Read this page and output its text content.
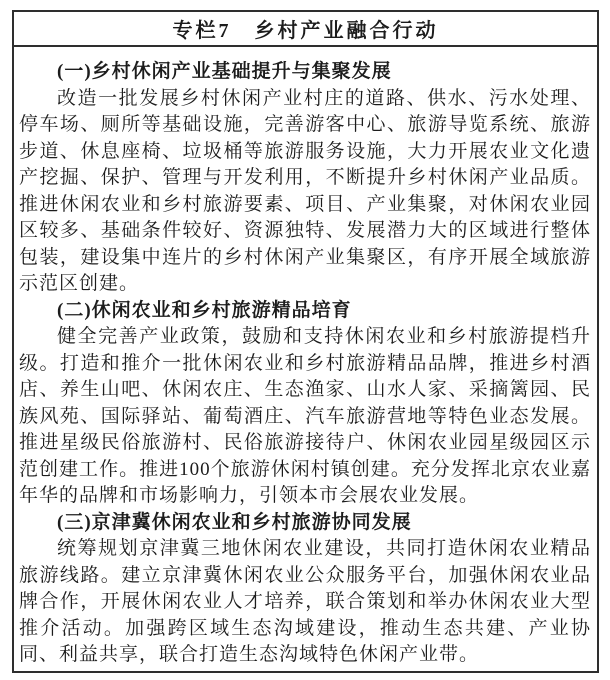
专栏7　乡村产业融合行动
(一)乡村休闲产业基础提升与集聚发展

改造一批发展乡村休闲产业村庄的道路、供水、污水处理、停车场、厕所等基础设施，完善游客中心、旅游导览系统、旅游步道、休息座椅、垃圾桶等旅游服务设施，大力开展农业文化遗产挖掘、保护、管理与开发利用，不断提升乡村休闲产业品质。推进休闲农业和乡村旅游要素、项目、产业集聚，对休闲农业园区较多、基础条件较好、资源独特、发展潜力大的区域进行整体包装，建设集中连片的乡村休闲产业集聚区，有序开展全域旅游示范区创建。

(二)休闲农业和乡村旅游精品培育

健全完善产业政策，鼓励和支持休闲农业和乡村旅游提档升级。打造和推介一批休闲农业和乡村旅游精品品牌，推进乡村酒店、养生山吧、休闲农庄、生态渔家、山水人家、采摘篱园、民族风苑、国际驿站、葡萄酒庄、汽车旅游营地等特色业态发展。推进星级民俗旅游村、民俗旅游接待户、休闲农业园星级园区示范创建工作。推进100个旅游休闲村镇创建。充分发挥北京农业嘉年华的品牌和市场影响力，引领本市会展农业发展。

(三)京津冀休闲农业和乡村旅游协同发展

统筹规划京津冀三地休闲农业建设，共同打造休闲农业精品旅游线路。建立京津冀休闲农业公众服务平台，加强休闲农业品牌合作，开展休闲农业人才培养，联合策划和举办休闲农业大型推介活动。加强跨区域生态沟域建设，推动生态共建、产业协同、利益共享，联合打造生态沟域特色休闲产业带。
